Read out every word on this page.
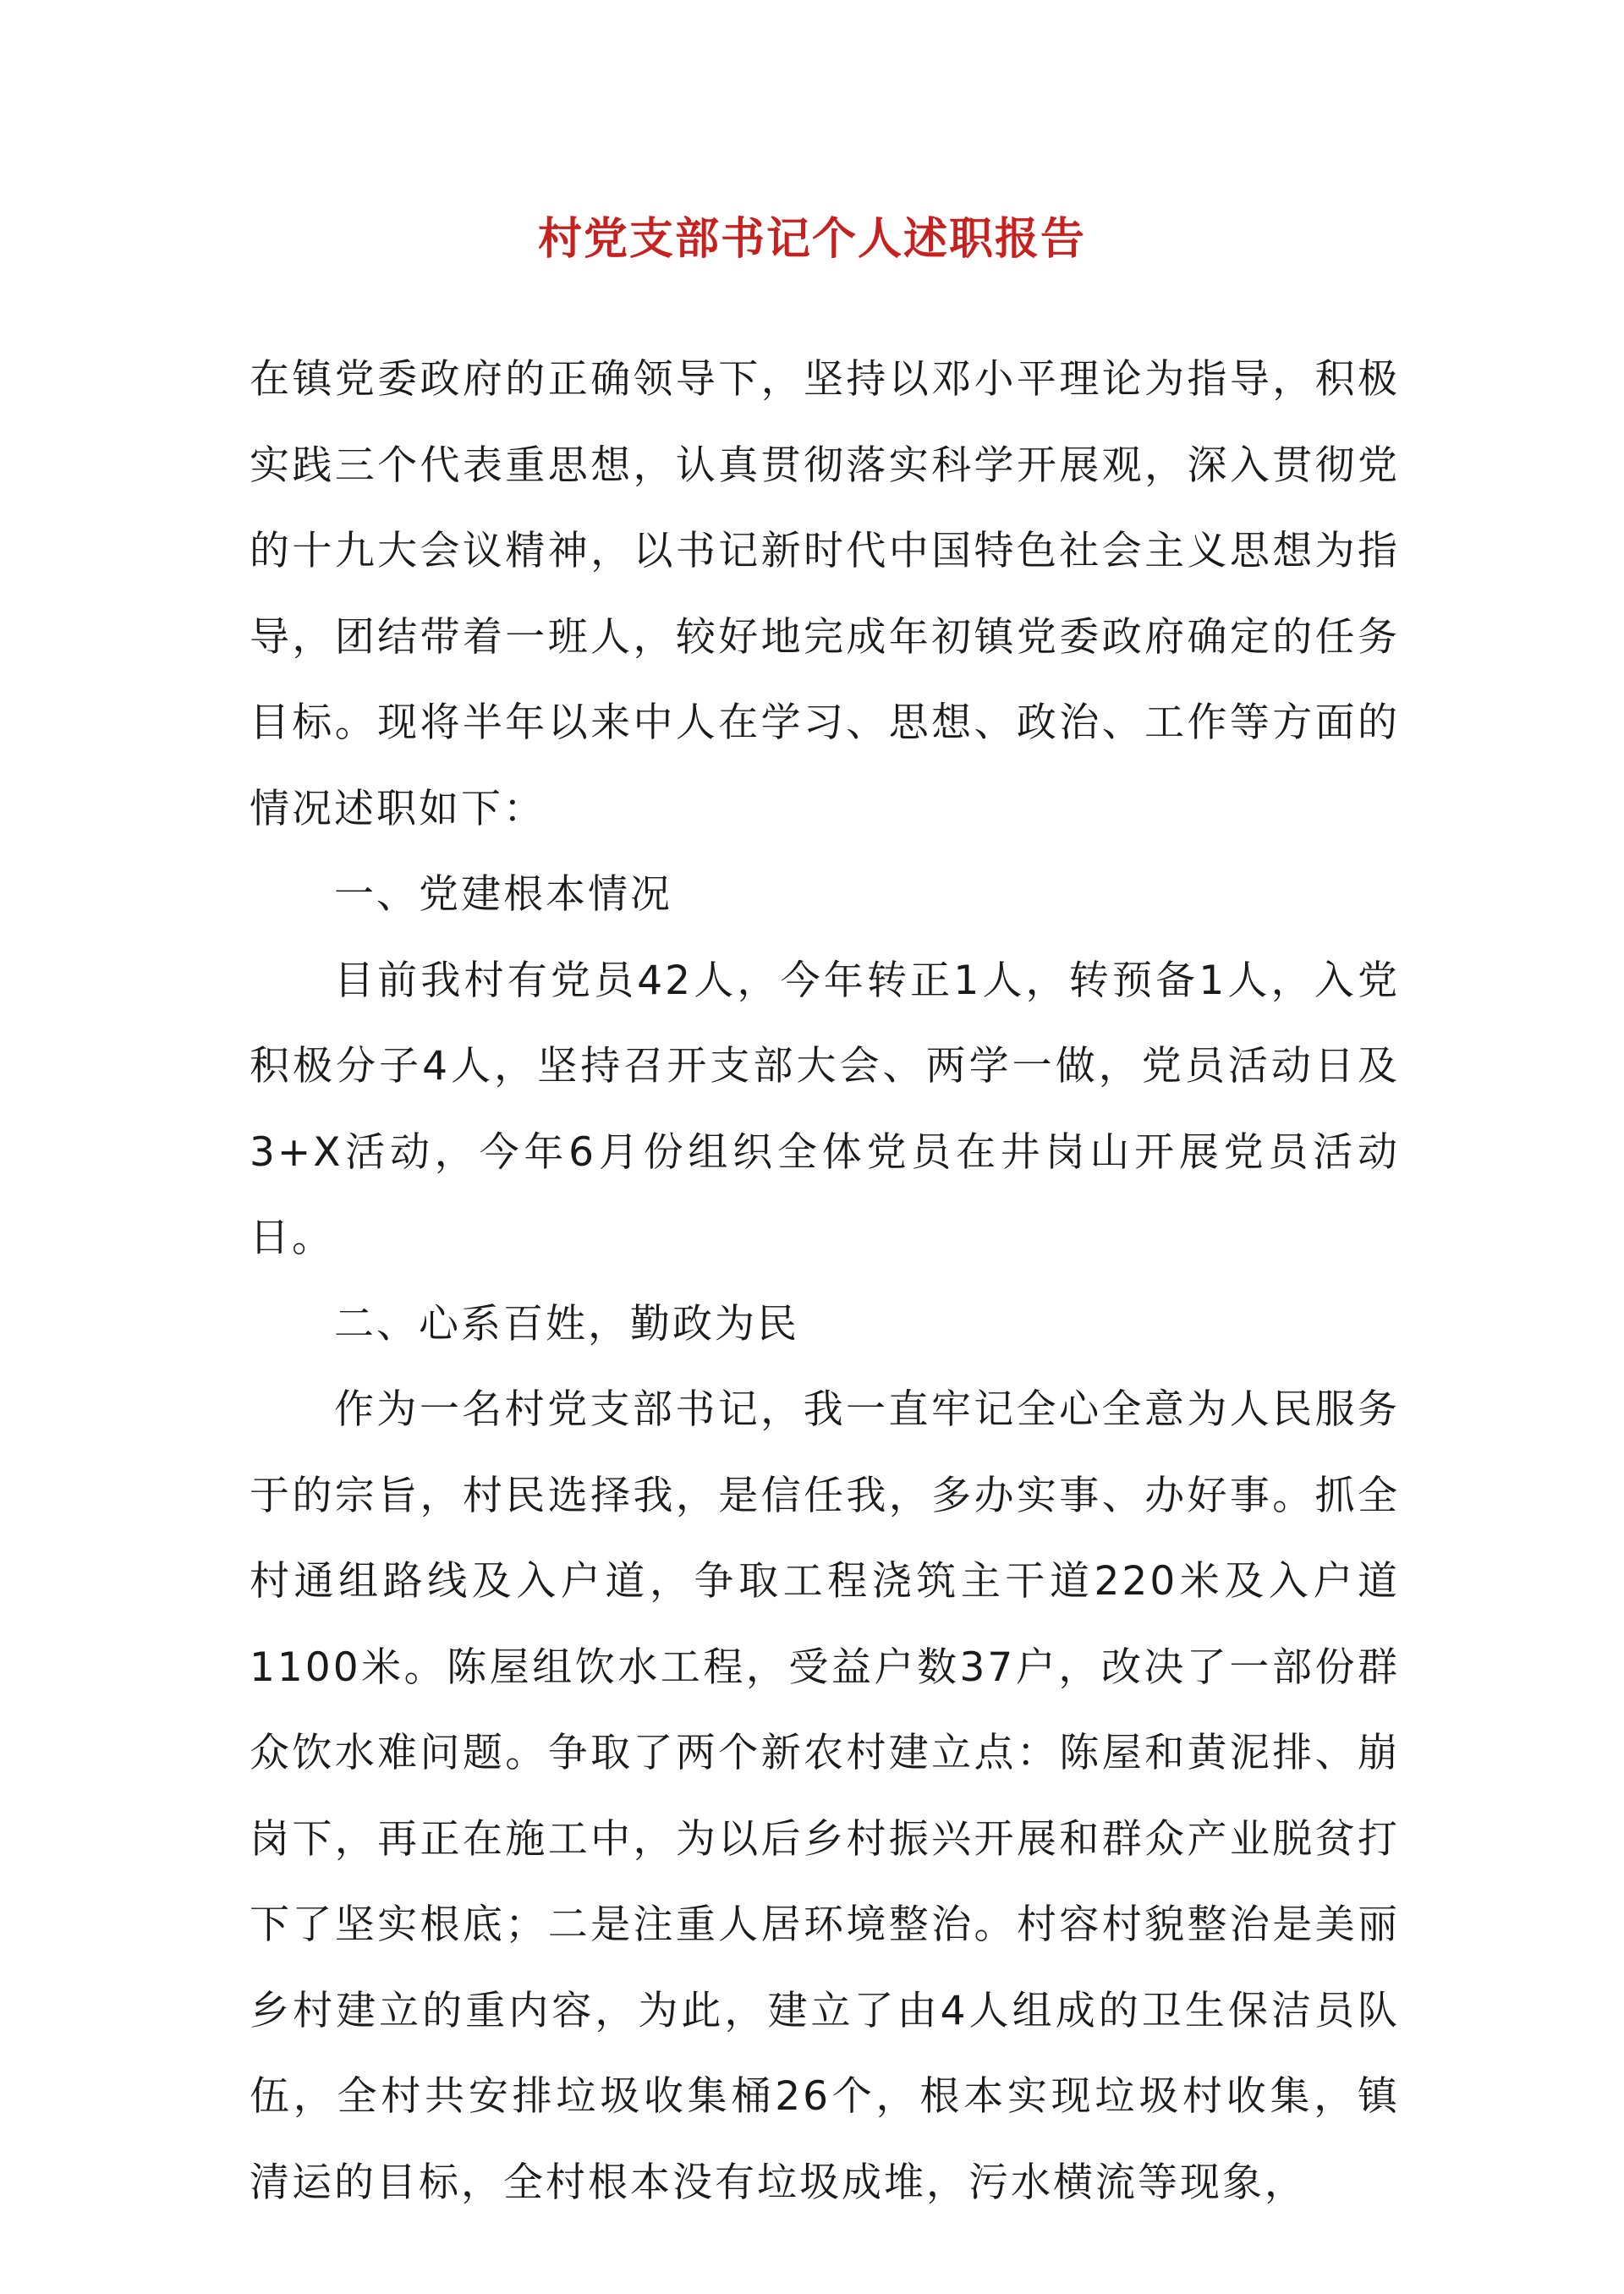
村党支部书记个人述职报告

在镇党委政府的正确领导下，坚持以邓小平理论为指导，积极实践三个代表重思想，认真贯彻落实科学开展观，深入贯彻党的十九大会议精神，以书记新时代中国特色社会主义思想为指导，团结带着一班人，较好地完成年初镇党委政府确定的任务目标。现将半年以来中人在学习、思想、政治、工作等方面的情况述职如下：

一、党建根本情况

目前我村有党员42人，今年转正1人，转预备1人，入党积极分子4人，坚持召开支部大会、两学一做，党员活动日及3+X活动，今年6月份组织全体党员在井岗山开展党员活动日。

二、心系百姓，勤政为民

作为一名村党支部书记，我一直牢记全心全意为人民服务于的宗旨，村民选择我，是信任我，多办实事、办好事。抓全村通组路线及入户道，争取工程浇筑主干道220米及入户道1100米。陈屋组饮水工程，受益户数37户，改决了一部份群众饮水难问题。争取了两个新农村建立点：陈屋和黄泥排、崩岗下，再正在施工中，为以后乡村振兴开展和群众产业脱贫打下了坚实根底；二是注重人居环境整治。村容村貌整治是美丽乡村建立的重内容，为此，建立了由4人组成的卫生保洁员队伍，全村共安排垃圾收集桶26个，根本实现垃圾村收集，镇清运的目标，全村根本没有垃圾成堆，污水横流等现象，
